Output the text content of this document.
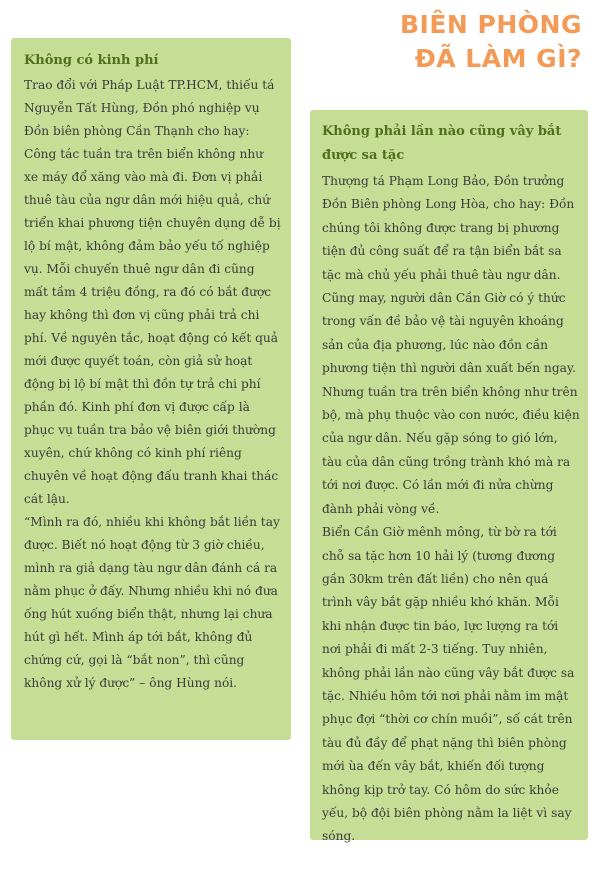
BIÊN PHÒNG
ĐÃ LÀM GÌ?
Không có kinh phí

Trao đổi với Pháp Luật TP.HCM, thiếu tá Nguyễn Tất Hùng, Đồn phó nghiệp vụ Đồn biên phòng Cần Thạnh cho hay: Công tác tuần tra trên biển không như xe máy đổ xăng vào mà đi. Đơn vị phải thuê tàu của ngư dân mới hiệu quả, chứ triển khai phương tiện chuyên dụng dễ bị lộ bí mật, không đảm bảo yếu tố nghiệp vụ. Mỗi chuyến thuê ngư dân đi cũng mất tầm 4 triệu đồng, ra đó có bắt được hay không thì đơn vị cũng phải trả chi phí. Về nguyên tắc, hoạt động có kết quả mới được quyết toán, còn giả sử hoạt động bị lộ bí mật thì đồn tự trả chi phí phần đó. Kinh phí đơn vị được cấp là phục vụ tuần tra bảo vệ biên giới thường xuyên, chứ không có kinh phí riêng chuyên về hoạt động đấu tranh khai thác cát lậu.

“Mình ra đó, nhiều khi không bắt liền tay được. Biết nó hoạt động từ 3 giờ chiều, mình ra giả dạng tàu ngư dân đánh cá ra nằm phục ở đấy. Nhưng nhiều khi nó đưa ống hút xuống biển thật, nhưng lại chưa hút gì hết. Mình áp tới bắt, không đủ chứng cứ, gọi là “bắt non”, thì cũng không xử lý được” – ông Hùng nói.

Không phải lần nào cũng vây bắt được sa tặc

Thượng tá Phạm Long Bảo, Đồn trưởng Đồn Biên phòng Long Hòa, cho hay: Đồn chúng tôi không được trang bị phương tiện đủ công suất để ra tận biển bắt sa tặc mà chủ yếu phải thuê tàu ngư dân. Cũng may, người dân Cần Giờ có ý thức trong vấn đề bảo vệ tài nguyên khoáng sản của địa phương, lúc nào đồn cần phương tiện thì người dân xuất bến ngay. Nhưng tuần tra trên biển không như trên bộ, mà phụ thuộc vào con nước, điều kiện của ngư dân. Nếu gặp sóng to gió lớn, tàu của dân cũng trồng trành khó mà ra tới nơi được. Có lần mới đi nửa chừng đành phải vòng về.

Biển Cần Giờ mênh mông, từ bờ ra tới chỗ sa tặc hơn 10 hải lý (tương đương gần 30km trên đất liền) cho nên quá trình vây bắt gặp nhiều khó khăn. Mỗi khi nhận được tin báo, lực lượng ra tới nơi phải đi mất 2-3 tiếng. Tuy nhiên, không phải lần nào cũng vây bắt được sa tặc. Nhiều hôm tới nơi phải nằm im mật phục đợi “thời cơ chín muồi”, số cát trên tàu đủ đầy để phạt nặng thì biên phòng mới ùa đến vây bắt, khiến đối tượng không kịp trở tay. Có hôm do sức khỏe yếu, bộ đội biên phòng nằm la liệt vì say sóng.
